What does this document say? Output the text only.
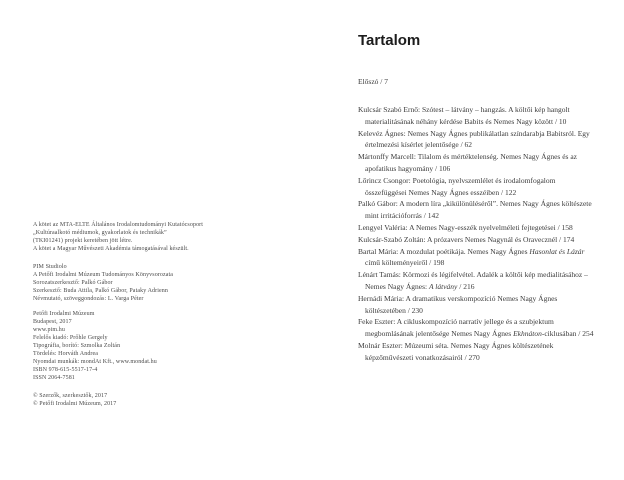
A kötet az MTA-ELTE Általános Irodalomtudományi Kutatócsoport
„Kultúraalkotó médiumok, gyakorlatok és technikák”
(TKI01241) projekt keretében jött létre.
A kötet a Magyar Művészeti Akadémia támogatásával készült.
PIM Studiolo
A Petőfi Irodalmi Múzeum Tudományos Könyvsorozata
Sorozatszerkesztő: Palkó Gábor
Szerkesztő: Buda Attila, Palkó Gábor, Pataky Adrienn
Névmutató, szöveggondozás: L. Varga Péter
Petőfi Irodalmi Múzeum
Budapest, 2017
www.pim.hu
Felelős kiadó: Prőhle Gergely
Tipográfia, borító: Szmolka Zoltán
Tördelés: Horváth Andrea
Nyomdai munkák: mondAt Kft., www.mondat.hu
ISBN 978-615-5517-17-4
ISSN 2064-7581
© Szerzők, szerkesztők, 2017
© Petőfi Irodalmi Múzeum, 2017
Tartalom

Előszó / 7

Kulcsár Szabó Ernő: Szótest – látvány – hangzás. A költői kép hangolt materialitásának néhány kérdése Babits és Nemes Nagy között / 10

Kelevéz Ágnes: Nemes Nagy Ágnes publikálatlan színdarabja Babitsról. Egy értelmezési kísérlet jelentősége / 62

Mártonffy Marcell: Tilalom és mértéktelenség. Nemes Nagy Ágnes és az apofatikus hagyomány / 106

Lőrincz Csongor: Poetológia, nyelvszemlélet és irodalomfogalom összefüggései Nemes Nagy Ágnes esszéiben / 122

Palkó Gábor: A modern líra „kikülönüléséről”. Nemes Nagy Ágnes költészete mint irritációforrás / 142

Lengyel Valéria: A Nemes Nagy-esszék nyelvelméleti fejtegetései / 158

Kulcsár-Szabó Zoltán: A prózavers Nemes Nagynál és Oravecznél / 174

Bartal Mária: A mozdulat poétikája. Nemes Nagy Ágnes Hasonlat és Lázár című költeményeiről / 198

Lénárt Tamás: Körmozi és légifelvétel. Adalék a költői kép medialitásához – Nemes Nagy Ágnes: A látvány / 216

Hernádi Mária: A dramatikus verskompozíció Nemes Nagy Ágnes költészetében / 230

Feke Eszter: A cikluskompozíció narratív jellege és a szubjektum megbomlásának jelentősége Nemes Nagy Ágnes Ekhnáton-ciklusában / 254

Molnár Eszter: Múzeumi séta. Nemes Nagy Ágnes költészetének képzőművészeti vonatkozásairól / 270
